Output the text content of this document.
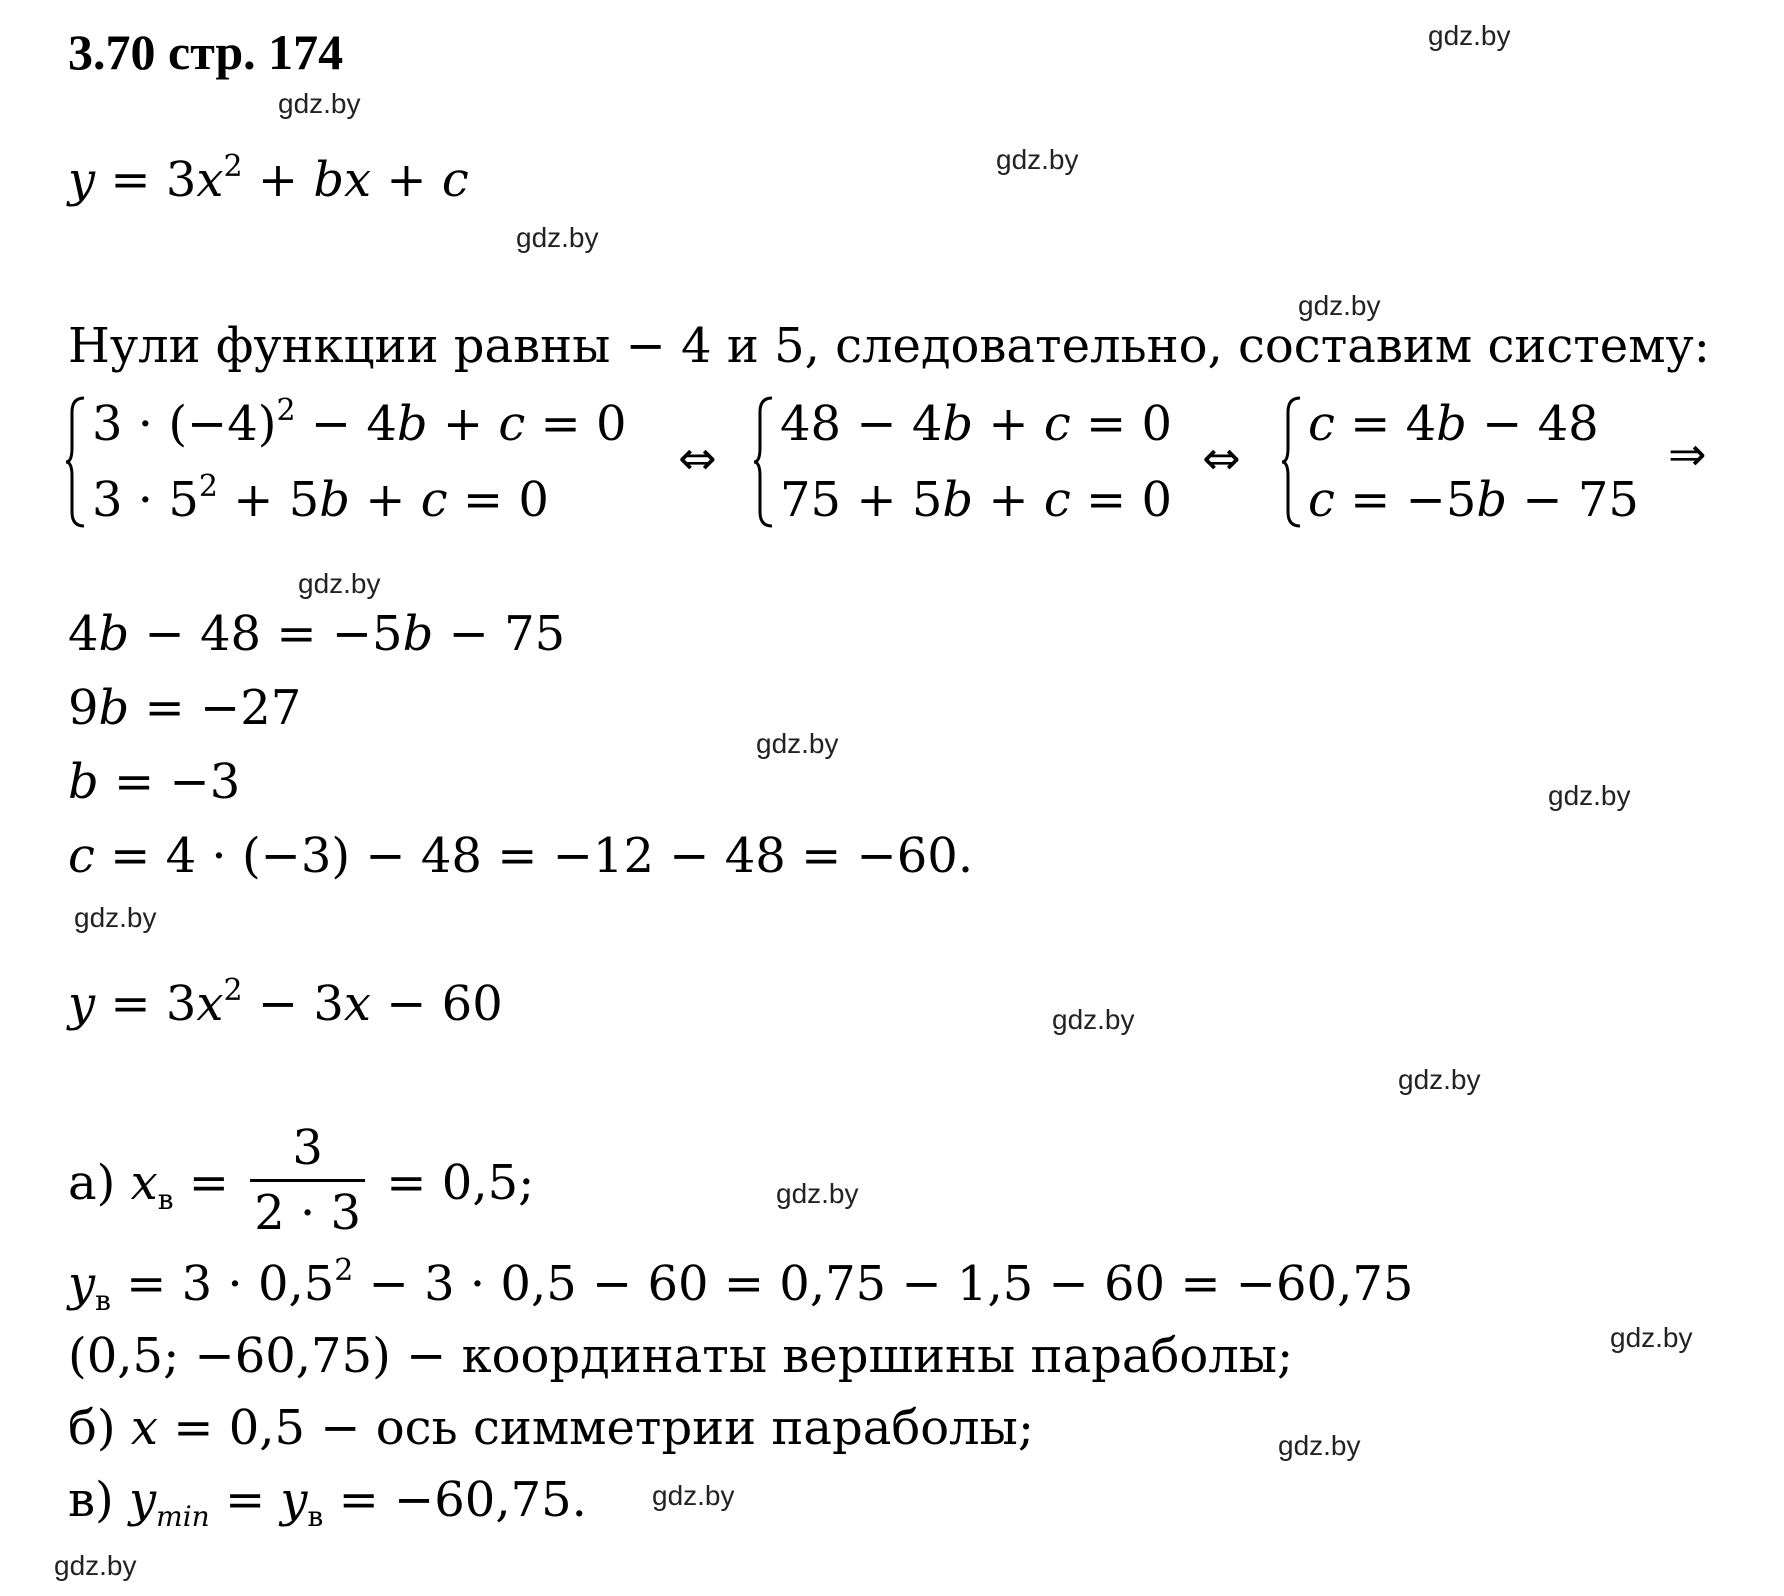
3.70 стр. 174
$y = 3x^2$ + bx + c
Нули функции равны − 4 и 5, следовательно, составим систему:
$3 \cdot (-4)^2 - 4b + c = 0$
$3 \cdot 5^2 + 5b + c = 0$
⇔
48 − 4b + c = 0
75 + 5b + c = 0
⇔
c = 4b − 48
c = −5b − 75
⇒
4b − 48 = −5b − 75
9b = −27
b = −3
c = 4 · (−3) − 48 = −12 − 48 = −60.
$y = 3x^2 - 3x - 60$
а) $x_в = \frac{3}{2 \cdot 3} = 0,5$;
$y_в = 3 \cdot 0,5^2 - 3 \cdot 0,5 - 60 = 0,75 - 1,5 - 60 = -60,75$
(0,5; −60,75) − координаты вершины параболы;
б) x = 0,5 − ось симметрии параболы;
в) $y_{min} = y_в = -60,75$.
gdz.by
gdz.by
gdz.by
gdz.by
gdz.by
gdz.by
gdz.by
gdz.by
gdz.by
gdz.by
gdz.by
gdz.by
gdz.by
gdz.by
gdz.by
gdz.by
